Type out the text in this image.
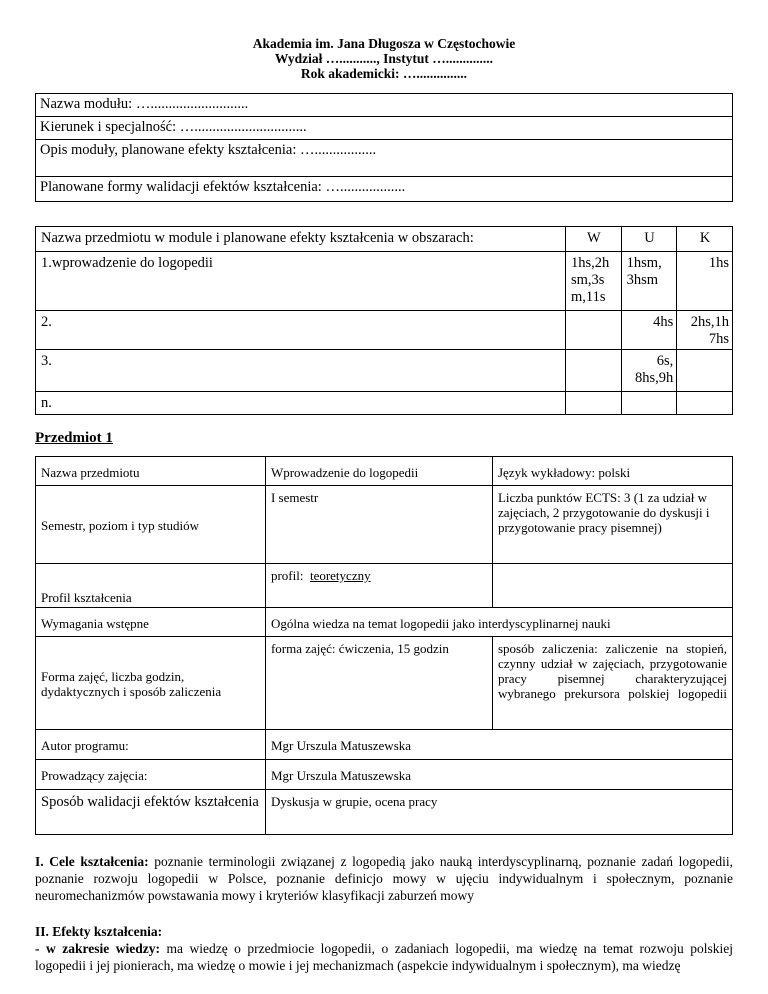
Akademia im. Jana Długosza w Częstochowie
Wydział …..........., Instytut …..............
Rok akademicki: …...............
Nazwa modułu: …...........................
Kierunek i specjalność: …...............................
Opis moduły, planowane efekty kształcenia: ….................
Planowane formy walidacji efektów kształcenia: …..................
Nazwa przedmiotu w module i planowane efekty kształcenia w obszarach:	W	U	K
1.wprowadzenie do logopedii	1hs,2h sm,3s m,11s	1hsm, 3hsm	1hs
2.		4hs	2hs,1h 7hs
3.		6s, 8hs,9h	
n.			
Przedmiot 1
Nazwa przedmiotu	Wprowadzenie do logopedii	Język wykładowy: polski
Semestr, poziom i typ studiów	I semestr	Liczba punktów ECTS: 3 (1 za udział w zajęciach, 2 przygotowanie do dyskusji i przygotowanie pracy pisemnej)
Profil kształcenia	profil: teoretyczny	
Wymagania wstępne	Ogólna wiedza na temat logopedii jako interdyscyplinarnej nauki	
Forma zajęć, liczba godzin, dydaktycznych i sposób zaliczenia	forma zajęć: ćwiczenia, 15 godzin	sposób zaliczenia: zaliczenie na stopień, czynny udział w zajęciach, przygotowanie pracy pisemnej charakteryzującej wybranego prekursora polskiej logopedii
Autor programu:	Mgr Urszula Matuszewska	
Prowadzący zajęcia:	Mgr Urszula Matuszewska	
Sposób walidacji efektów kształcenia	Dyskusja w grupie, ocena pracy	
I. Cele kształcenia: poznanie terminologii związanej z logopedią jako nauką interdyscyplinarną, poznanie zadań logopedii, poznanie rozwoju logopedii w Polsce, poznanie definicjo mowy w ujęciu indywidualnym i społecznym, poznanie neuromechanizmów powstawania mowy i kryteriów klasyfikacji zaburzeń mowy
II. Efekty kształcenia:
- w zakresie wiedzy: ma wiedzę o przedmiocie logopedii, o zadaniach logopedii, ma wiedzę na temat rozwoju polskiej logopedii i jej pionierach, ma wiedzę o mowie i jej mechanizmach (aspekcie indywidualnym i społecznym), ma wiedzę
